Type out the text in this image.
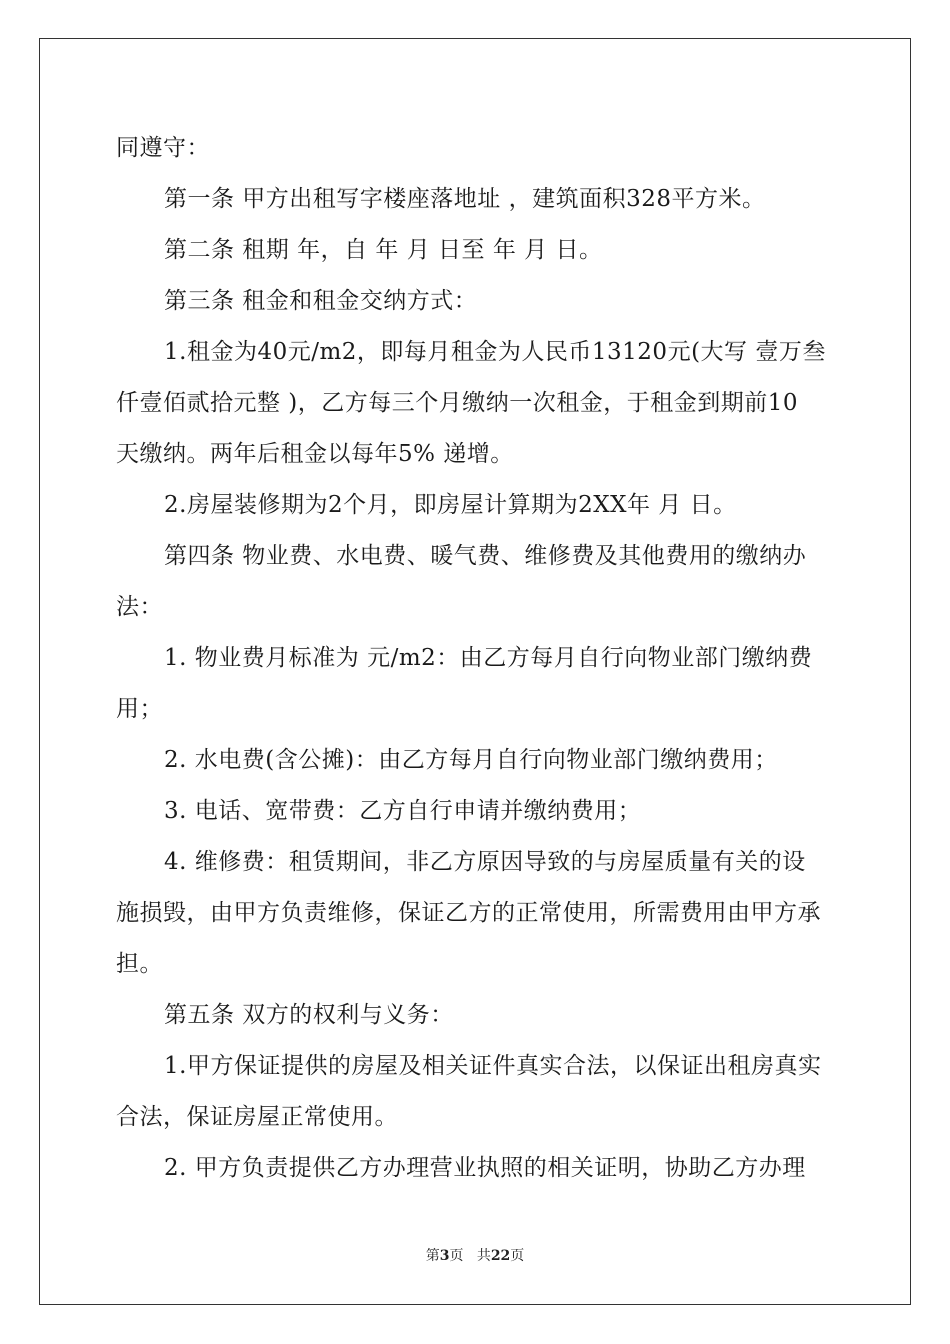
同遵守：
第一条 甲方出租写字楼座落地址 ，建筑面积328平方米。
第二条 租期 年，自 年 月 日至 年 月 日。
第三条 租金和租金交纳方式：
1.租金为40元/m2，即每月租金为人民币13120元(大写 壹万叁
仟壹佰贰拾元整 )，乙方每三个月缴纳一次租金，于租金到期前10
天缴纳。两年后租金以每年5% 递增。
2.房屋装修期为2个月，即房屋计算期为2XX年 月 日。
第四条 物业费、水电费、暖气费、维修费及其他费用的缴纳办
法：
1. 物业费月标准为 元/m2：由乙方每月自行向物业部门缴纳费
用；
2. 水电费(含公摊)：由乙方每月自行向物业部门缴纳费用；
3. 电话、宽带费：乙方自行申请并缴纳费用；
4. 维修费：租赁期间，非乙方原因导致的与房屋质量有关的设
施损毁，由甲方负责维修，保证乙方的正常使用，所需费用由甲方承
担。
第五条 双方的权利与义务：
1.甲方保证提供的房屋及相关证件真实合法，以保证出租房真实
合法，保证房屋正常使用。
2. 甲方负责提供乙方办理营业执照的相关证明，协助乙方办理
第3页 共22页
